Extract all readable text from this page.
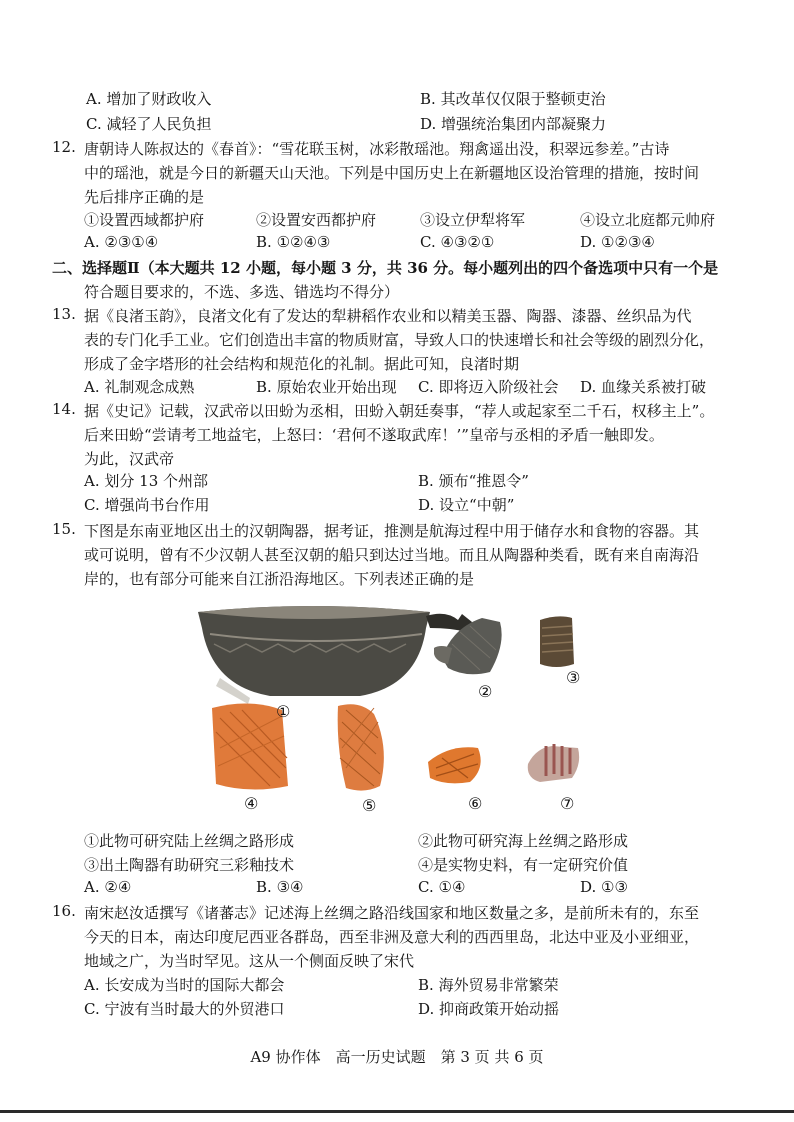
A. 增加了财政收入	B. 其改革仅仅限于整顿吏治
C. 减轻了人民负担	D. 增强统治集团内部凝聚力
12. 唐朝诗人陈叔达的《春首》：“雪花联玉树，冰彩散瑶池。翔禽遥出没，积翠远参差。”古诗
中的瑶池，就是今日的新疆天山天池。下列是中国历史上在新疆地区设治管理的措施，按时间
先后排序正确的是
①设置西域都护府	②设置安西都护府	③设立伊犁将军	④设立北庭都元帅府
A. ②③①④	B. ①②④③	C. ④③②①	D. ①②③④
二、选择题Ⅱ（本大题共 12 小题，每小题 3 分，共 36 分。每小题列出的四个备选项中只有一个是
符合题目要求的，不选、多选、错选均不得分）
13. 据《良渚玉韵》，良渚文化有了发达的犁耕稻作农业和以精美玉器、陶器、漆器、丝织品为代
表的专门化手工业。它们创造出丰富的物质财富，导致人口的快速增长和社会等级的剧烈分化，
形成了金字塔形的社会结构和规范化的礼制。据此可知，良渚时期
A. 礼制观念成熟	B. 原始农业开始出现 C. 即将迈入阶级社会 D. 血缘关系被打破
14. 据《史记》记载，汉武帝以田蚡为丞相，田蚡入朝廷奏事，“荐人或起家至二千石，权移主上”。
后来田蚡“尝请考工地益宅，上怒曰：‘君何不遂取武库！’”皇帝与丞相的矛盾一触即发。
为此，汉武帝
A. 划分 13 个州部	B. 颁布“推恩令”
C. 增强尚书台作用	D. 设立“中朝”
15. 下图是东南亚地区出土的汉朝陶器，据考证，推测是航海过程中用于储存水和食物的容器。其
或可说明，曾有不少汉朝人甚至汉朝的船只到达过当地。而且从陶器种类看，既有来自南海沿
岸的，也有部分可能来自江浙沿海地区。下列表述正确的是
①
②
③
④	⑤	⑥	⑦
①此物可研究陆上丝绸之路形成	②此物可研究海上丝绸之路形成
③出土陶器有助研究三彩釉技术	④是实物史料，有一定研究价值
A. ②④	B. ③④	C. ①④	D. ①③
16. 南宋赵汝适撰写《诸蕃志》记述海上丝绸之路沿线国家和地区数量之多，是前所未有的，东至
今天的日本，南达印度尼西亚各群岛，西至非洲及意大利的西西里岛，北达中亚及小亚细亚，
地域之广，为当时罕见。这从一个侧面反映了宋代
A. 长安成为当时的国际大都会	B. 海外贸易非常繁荣
C. 宁波有当时最大的外贸港口	D. 抑商政策开始动摇
A9 协作体　高一历史试题　第 3 页 共 6 页
